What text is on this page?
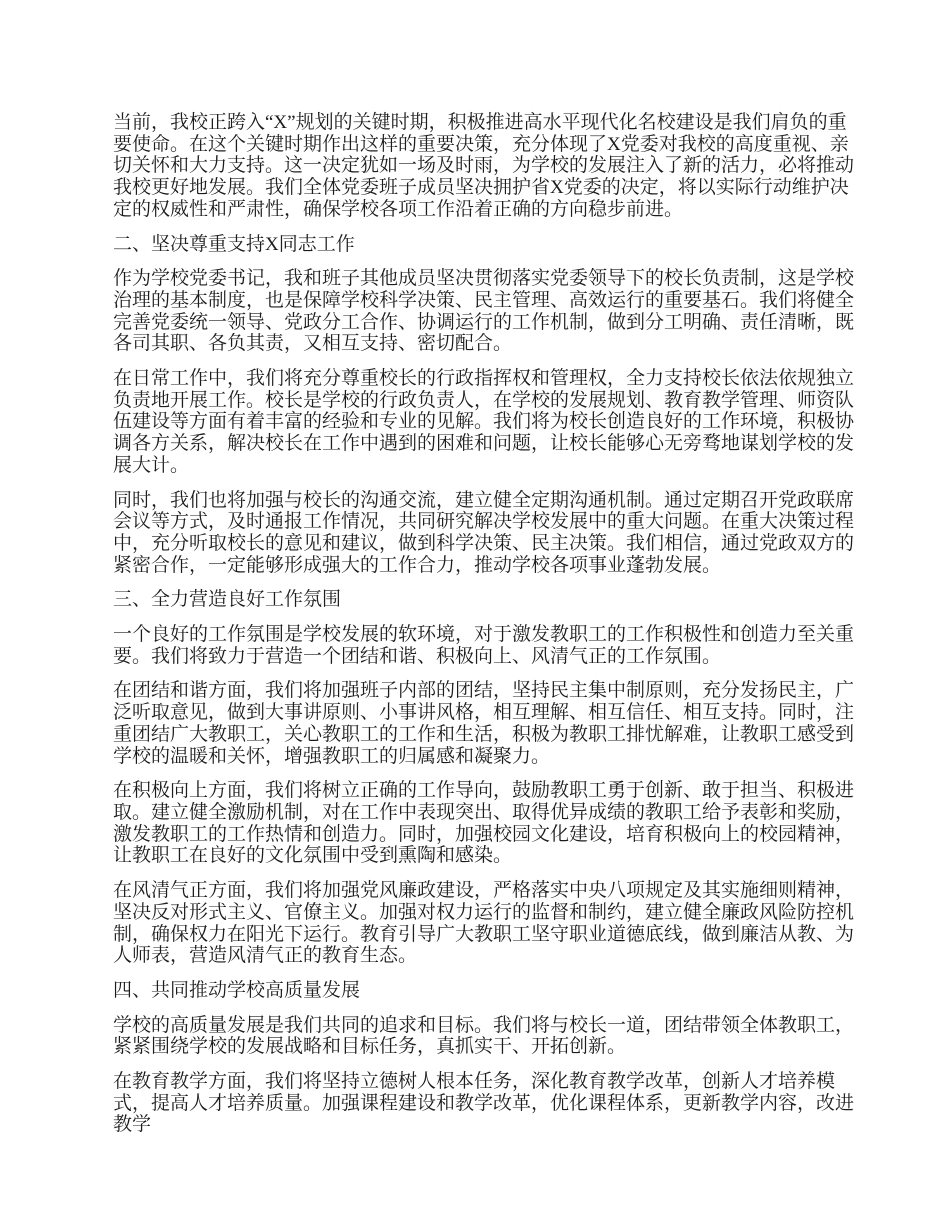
当前，我校正跨入“X”规划的关键时期，积极推进高水平现代化名校建设是我们肩负的重要使命。在这个关键时期作出这样的重要决策，充分体现了X党委对我校的高度重视、亲切关怀和大力支持。这一决定犹如一场及时雨，为学校的发展注入了新的活力，必将推动我校更好地发展。我们全体党委班子成员坚决拥护省X党委的决定，将以实际行动维护决定的权威性和严肃性，确保学校各项工作沿着正确的方向稳步前进。

二、坚决尊重支持X同志工作

作为学校党委书记，我和班子其他成员坚决贯彻落实党委领导下的校长负责制，这是学校治理的基本制度，也是保障学校科学决策、民主管理、高效运行的重要基石。我们将健全完善党委统一领导、党政分工合作、协调运行的工作机制，做到分工明确、责任清晰，既各司其职、各负其责，又相互支持、密切配合。

在日常工作中，我们将充分尊重校长的行政指挥权和管理权，全力支持校长依法依规独立负责地开展工作。校长是学校的行政负责人，在学校的发展规划、教育教学管理、师资队伍建设等方面有着丰富的经验和专业的见解。我们将为校长创造良好的工作环境，积极协调各方关系，解决校长在工作中遇到的困难和问题，让校长能够心无旁骛地谋划学校的发展大计。

同时，我们也将加强与校长的沟通交流，建立健全定期沟通机制。通过定期召开党政联席会议等方式，及时通报工作情况，共同研究解决学校发展中的重大问题。在重大决策过程中，充分听取校长的意见和建议，做到科学决策、民主决策。我们相信，通过党政双方的紧密合作，一定能够形成强大的工作合力，推动学校各项事业蓬勃发展。

三、全力营造良好工作氛围

一个良好的工作氛围是学校发展的软环境，对于激发教职工的工作积极性和创造力至关重要。我们将致力于营造一个团结和谐、积极向上、风清气正的工作氛围。

在团结和谐方面，我们将加强班子内部的团结，坚持民主集中制原则，充分发扬民主，广泛听取意见，做到大事讲原则、小事讲风格，相互理解、相互信任、相互支持。同时，注重团结广大教职工，关心教职工的工作和生活，积极为教职工排忧解难，让教职工感受到学校的温暖和关怀，增强教职工的归属感和凝聚力。

在积极向上方面，我们将树立正确的工作导向，鼓励教职工勇于创新、敢于担当、积极进取。建立健全激励机制，对在工作中表现突出、取得优异成绩的教职工给予表彰和奖励，激发教职工的工作热情和创造力。同时，加强校园文化建设，培育积极向上的校园精神，让教职工在良好的文化氛围中受到熏陶和感染。

在风清气正方面，我们将加强党风廉政建设，严格落实中央八项规定及其实施细则精神，坚决反对形式主义、官僚主义。加强对权力运行的监督和制约，建立健全廉政风险防控机制，确保权力在阳光下运行。教育引导广大教职工坚守职业道德底线，做到廉洁从教、为人师表，营造风清气正的教育生态。

四、共同推动学校高质量发展

学校的高质量发展是我们共同的追求和目标。我们将与校长一道，团结带领全体教职工，紧紧围绕学校的发展战略和目标任务，真抓实干、开拓创新。

在教育教学方面，我们将坚持立德树人根本任务，深化教育教学改革，创新人才培养模式，提高人才培养质量。加强课程建设和教学改革，优化课程体系，更新教学内容，改进教学
